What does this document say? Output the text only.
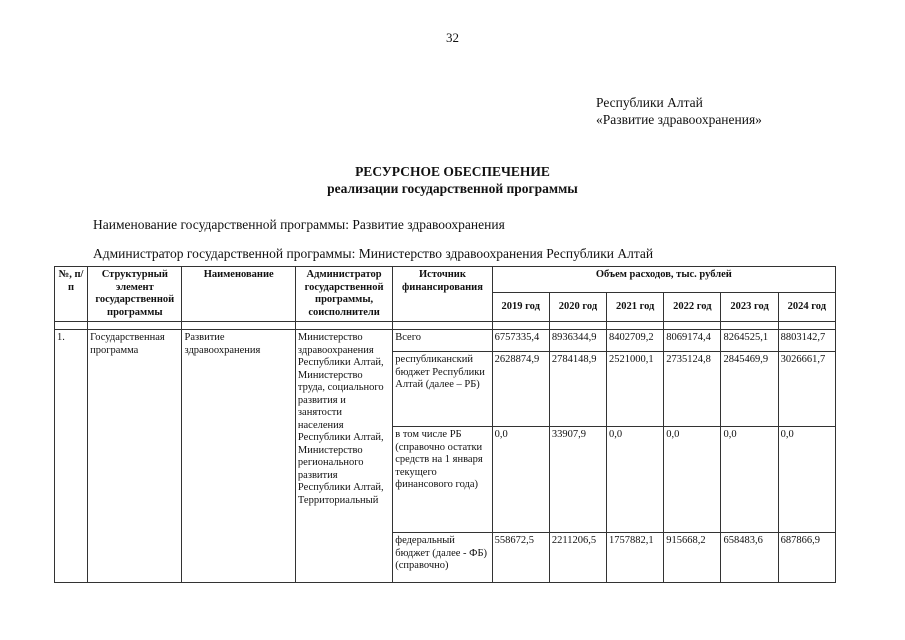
32
Республики Алтай
«Развитие здравоохранения»
РЕСУРСНОЕ ОБЕСПЕЧЕНИЕ
реализации государственной программы
Наименование государственной программы: Развитие здравоохранения
Администратор государственной программы: Министерство здравоохранения Республики Алтай
№, п/п	Структурный элемент государственной программы	Наименование	Администратор государственной программы, соисполнители	Источник финансирования	Объем расходов, тыс. рублей					
					2019 год	2020 год	2021 год	2022 год	2023 год	2024 год

1.	Государственная программа	Развитие здравоохранения	Министерство здравоохранения Республики Алтай, Министерство труда, социального развития и занятости населения Республики Алтай, Министерство регионального развития Республики Алтай, Территориальный	Всего	6757335,4	8936344,9	8402709,2	8069174,4	8264525,1	8803142,7
				республиканский бюджет Республики Алтай (далее – РБ)	2628874,9	2784148,9	2521000,1	2735124,8	2845469,9	3026661,7
				в том числе РБ (справочно остатки средств на 1 января текущего финансового года)	0,0	33907,9	0,0	0,0	0,0	0,0
				федеральный бюджет (далее - ФБ) (справочно)	558672,5	2211206,5	1757882,1	915668,2	658483,6	687866,9
